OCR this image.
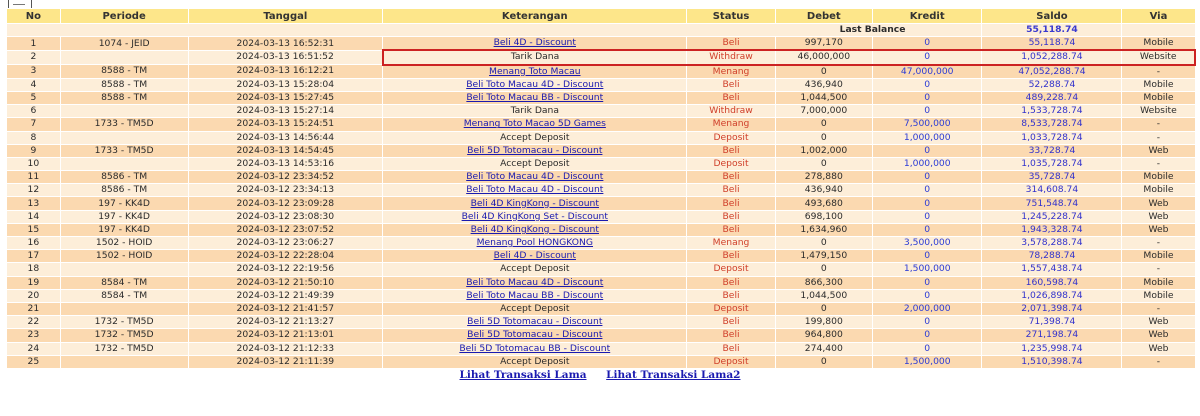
No	Periode	Tanggal	Keterangan	Status	Debet	Kredit	Saldo	Via
Last Balance							55,118.74	
1	1074 - JEID	2024-03-13 16:52:31	Beli 4D - Discount	Beli	997,170	0	55,118.74	Mobile
2		2024-03-13 16:51:52	Tarik Dana	Withdraw	46,000,000	0	1,052,288.74	Website
3	8588 - TM	2024-03-13 16:12:21	Menang Toto Macau	Menang	0	47,000,000	47,052,288.74	-
4	8588 - TM	2024-03-13 15:28:04	Beli Toto Macau 4D - Discount	Beli	436,940	0	52,288.74	Mobile
5	8588 - TM	2024-03-13 15:27:45	Beli Toto Macau BB - Discount	Beli	1,044,500	0	489,228.74	Mobile
6		2024-03-13 15:27:14	Tarik Dana	Withdraw	7,000,000	0	1,533,728.74	Website
7	1733 - TM5D	2024-03-13 15:24:51	Menang Toto Macao 5D Games	Menang	0	7,500,000	8,533,728.74	-
8		2024-03-13 14:56:44	Accept Deposit	Deposit	0	1,000,000	1,033,728.74	-
9	1733 - TM5D	2024-03-13 14:54:45	Beli 5D Totomacau - Discount	Beli	1,002,000	0	33,728.74	Web
10		2024-03-13 14:53:16	Accept Deposit	Deposit	0	1,000,000	1,035,728.74	-
11	8586 - TM	2024-03-12 23:34:52	Beli Toto Macau 4D - Discount	Beli	278,880	0	35,728.74	Mobile
12	8586 - TM	2024-03-12 23:34:13	Beli Toto Macau 4D - Discount	Beli	436,940	0	314,608.74	Mobile
13	197 - KK4D	2024-03-12 23:09:28	Beli 4D KingKong - Discount	Beli	493,680	0	751,548.74	Web
14	197 - KK4D	2024-03-12 23:08:30	Beli 4D KingKong Set - Discount	Beli	698,100	0	1,245,228.74	Web
15	197 - KK4D	2024-03-12 23:07:52	Beli 4D KingKong - Discount	Beli	1,634,960	0	1,943,328.74	Web
16	1502 - HOID	2024-03-12 23:06:27	Menang Pool HONGKONG	Menang	0	3,500,000	3,578,288.74	-
17	1502 - HOID	2024-03-12 22:28:04	Beli 4D - Discount	Beli	1,479,150	0	78,288.74	Mobile
18		2024-03-12 22:19:56	Accept Deposit	Deposit	0	1,500,000	1,557,438.74	-
19	8584 - TM	2024-03-12 21:50:10	Beli Toto Macau 4D - Discount	Beli	866,300	0	160,598.74	Mobile
20	8584 - TM	2024-03-12 21:49:39	Beli Toto Macau BB - Discount	Beli	1,044,500	0	1,026,898.74	Mobile
21		2024-03-12 21:41:57	Accept Deposit	Deposit	0	2,000,000	2,071,398.74	-
22	1732 - TM5D	2024-03-12 21:13:27	Beli 5D Totomacau - Discount	Beli	199,800	0	71,398.74	Web
23	1732 - TM5D	2024-03-12 21:13:01	Beli 5D Totomacau - Discount	Beli	964,800	0	271,198.74	Web
24	1732 - TM5D	2024-03-12 21:12:33	Beli 5D Totomacau BB - Discount	Beli	274,400	0	1,235,998.74	Web
25		2024-03-12 21:11:39	Accept Deposit	Deposit	0	1,500,000	1,510,398.74	-
Lihat Transaksi Lama Lihat Transaksi Lama2
